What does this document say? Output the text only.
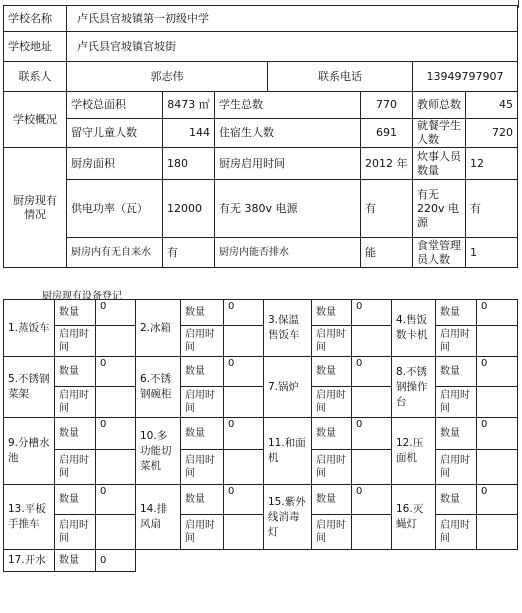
学校名称	卢氏县官坡镇第一初级中学						
学校地址	卢氏县官坡镇官坡街						
联系人	郭志伟			联系电话		13949797907	
学校概况	学校总面积	8473 ㎡	学生总数		770	教师总数	45
	留守儿童人数	144	住宿生人数		691	就餐学生人数	720
厨房现有情况	厨房面积	180	厨房启用时间		2012 年	炊事人员数量	12
	供电功率（瓦）	12000	有无 380v 电源		有	有无 220v 电源	有
	厨房内有无自来水	有	厨房内能否排水		能	食堂管理员人数	1
厨房现有设备登记
1.蒸饭车	数量	0	2.冰箱	数量	0	3.保温售饭车	数量	0	4.售饭数卡机	数量	0
	启用时间			启用时间			启用时间			启用时间	
5.不锈钢菜架	数量	0	6.不锈钢碗柜	数量	0	7.锅炉	数量	0	8.不锈钢操作台	数量	0
	启用时间			启用时间			启用时间			启用时间	
9.分槽水池	数量	0	10.多功能切菜机	数量	0	11.和面机	数量	0	12.压面机	数量	0
	启用时间			启用时间			启用时间			启用时间	
13.平板手推车	数量	0	14.排风扇	数量	0	15.紫外线消毒灯	数量	0	16.灭蝇灯	数量	0
	启用时间			启用时间			启用时间			启用时间	
17.开水	数量	0									
